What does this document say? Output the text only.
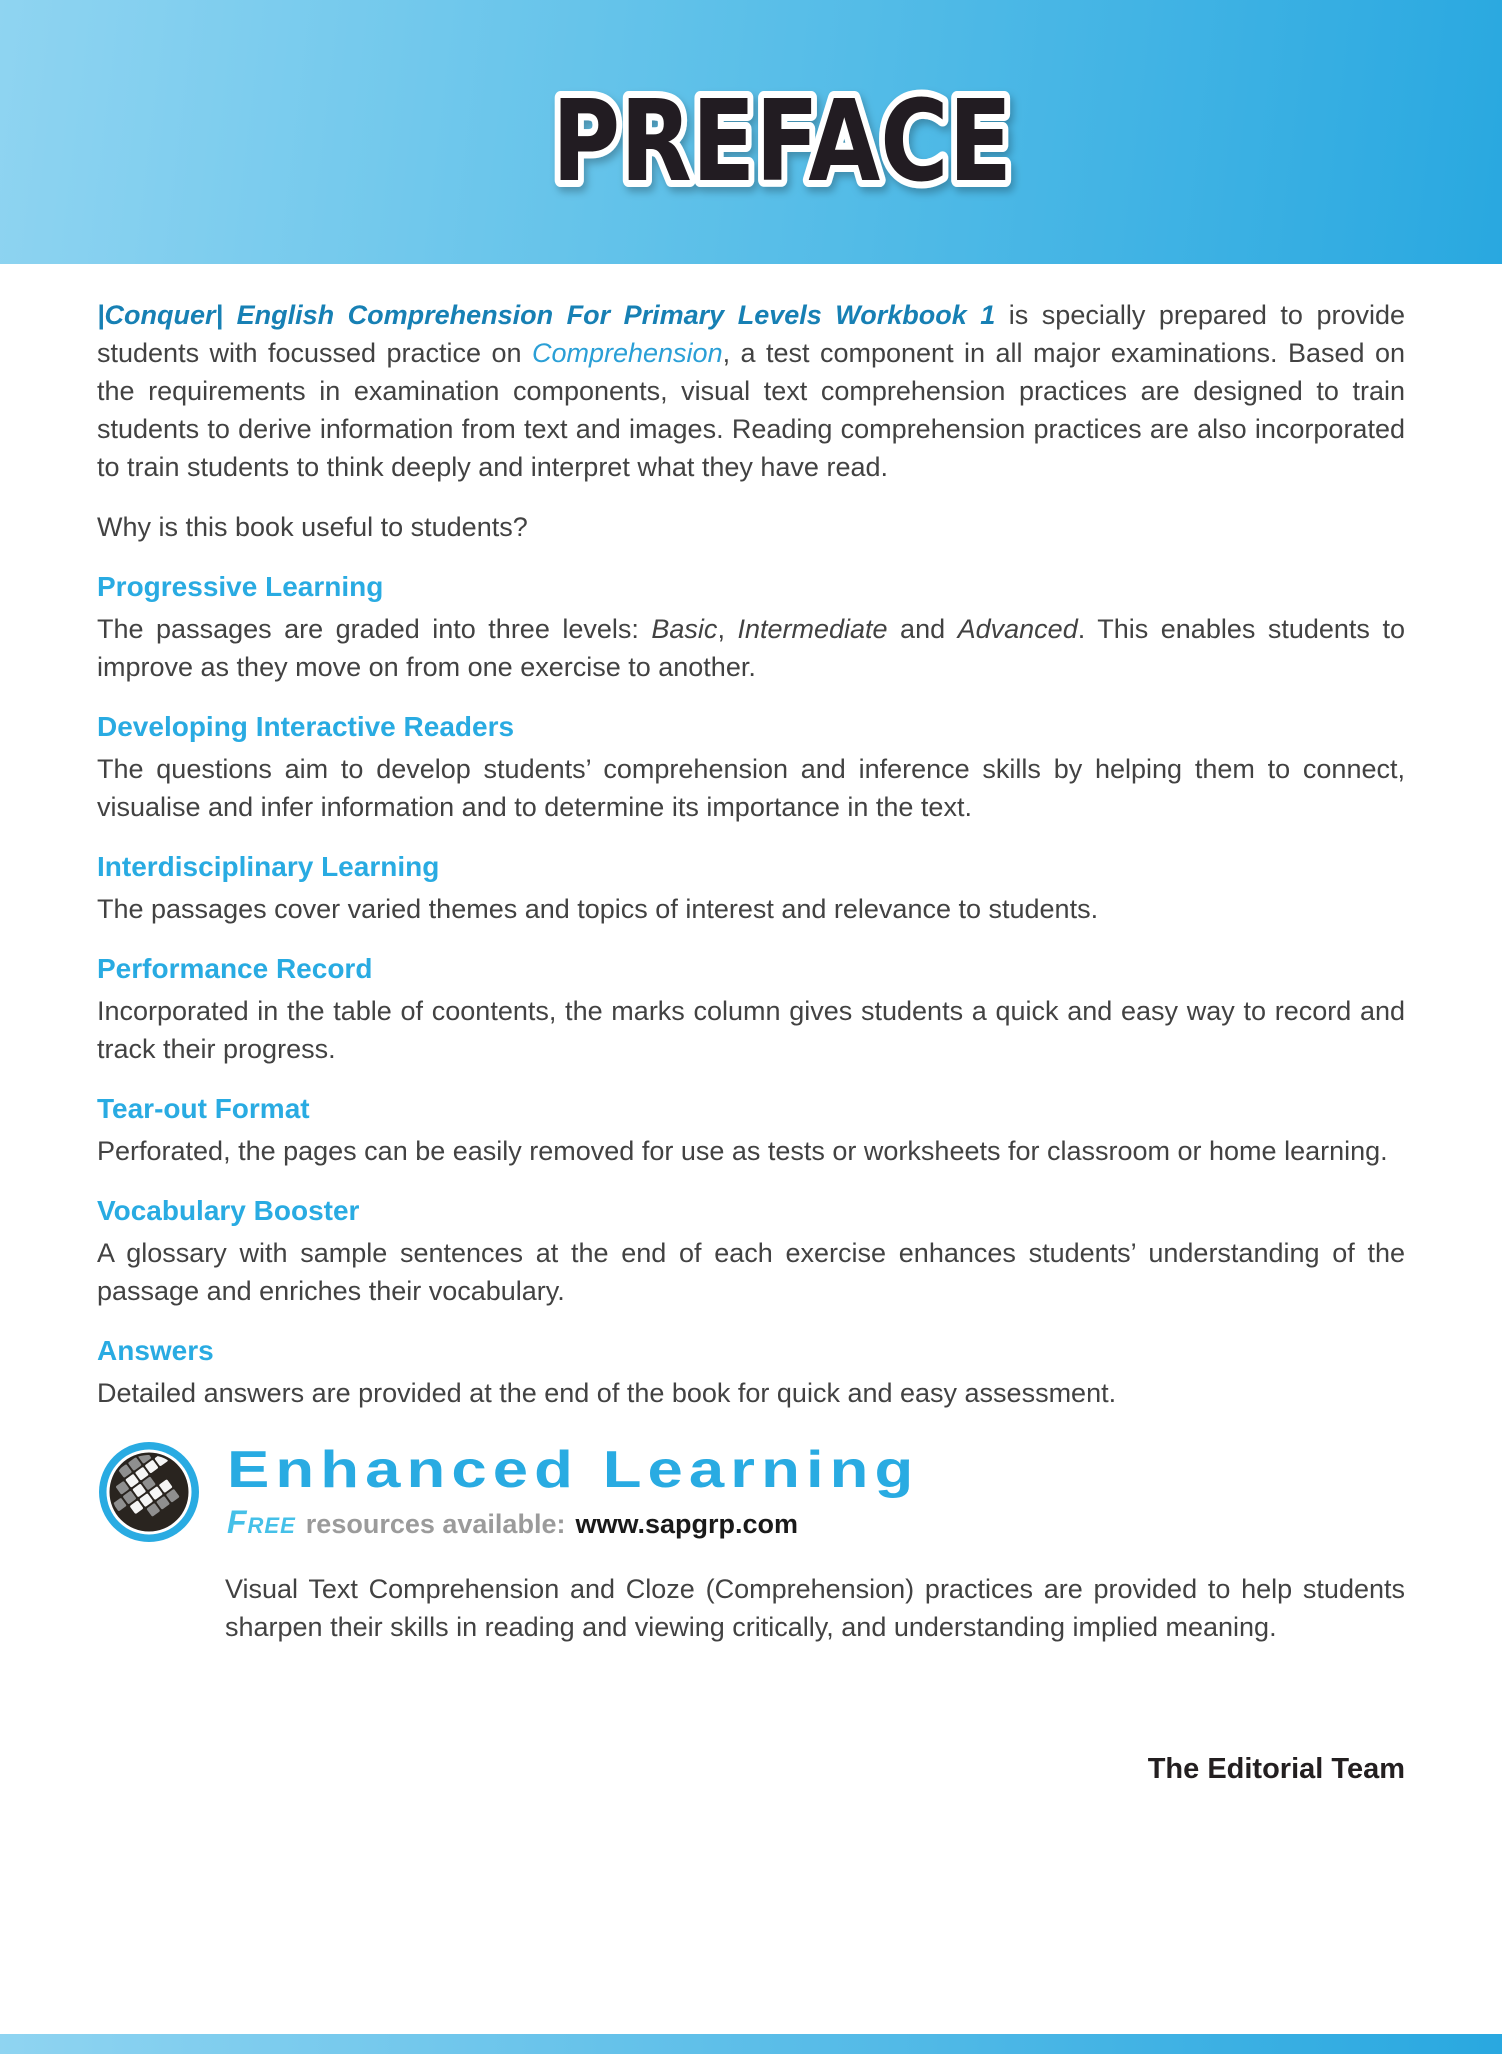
PREFACE

|Conquer| English Comprehension For Primary Levels Workbook 1 is specially prepared to provide students with focussed practice on Comprehension, a test component in all major examinations. Based on the requirements in examination components, visual text comprehension practices are designed to train students to derive information from text and images. Reading comprehension practices are also incorporated to train students to think deeply and interpret what they have read.

Why is this book useful to students?

Progressive Learning

The passages are graded into three levels: Basic, Intermediate and Advanced. This enables students to improve as they move on from one exercise to another.

Developing Interactive Readers

The questions aim to develop students’ comprehension and inference skills by helping them to connect, visualise and infer information and to determine its importance in the text.

Interdisciplinary Learning

The passages cover varied themes and topics of interest and relevance to students.

Performance Record

Incorporated in the table of coontents, the marks column gives students a quick and easy way to record and track their progress.

Tear-out Format

Perforated, the pages can be easily removed for use as tests or worksheets for classroom or home learning.

Vocabulary Booster

A glossary with sample sentences at the end of each exercise enhances students’ understanding of the passage and enriches their vocabulary.

Answers

Detailed answers are provided at the end of the book for quick and easy assessment.

Enhanced Learning
Free resources available: www.sapgrp.com

Visual Text Comprehension and Cloze (Comprehension) practices are provided to help students sharpen their skills in reading and viewing critically, and understanding implied meaning.

The Editorial Team
